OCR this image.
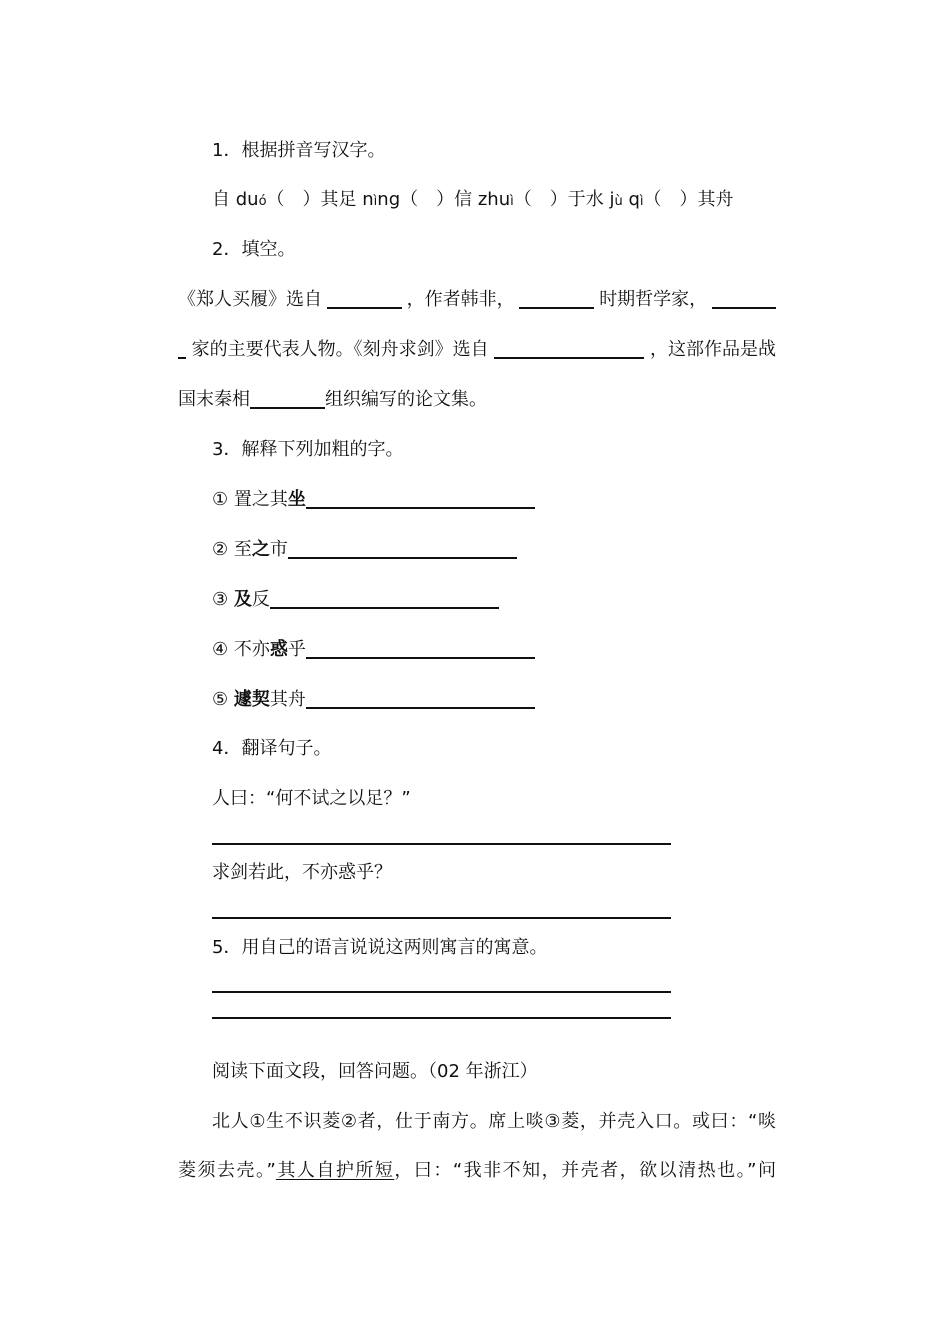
1．根据拼音写汉字。
自 duó（　）其足 nìng（　）信 zhuì（　）于水 jù qì（　）其舟
2．填空。
《郑人买履》选自	，作者韩非，	时期哲学家，
家的主要代表人物。《刻舟求剑》选自	，这部作品是战
国末秦相	组织编写的论文集。
3．解释下列加粗的字。
① 置之其坐
② 至之市
③ 及反
④ 不亦惑乎
⑤ 遽契其舟
4．翻译句子。
人曰：“何不试之以足？”
求剑若此，不亦惑乎？
5．用自己的语言说说这两则寓言的寓意。
阅读下面文段，回答问题。（02 年浙江）
北人①生不识菱②者，仕于南方。席上啖③菱，并壳入口。或曰：“啖
菱须去壳。”其人自护所短，曰：“我非不知，并壳者，欲以清热也。”问
